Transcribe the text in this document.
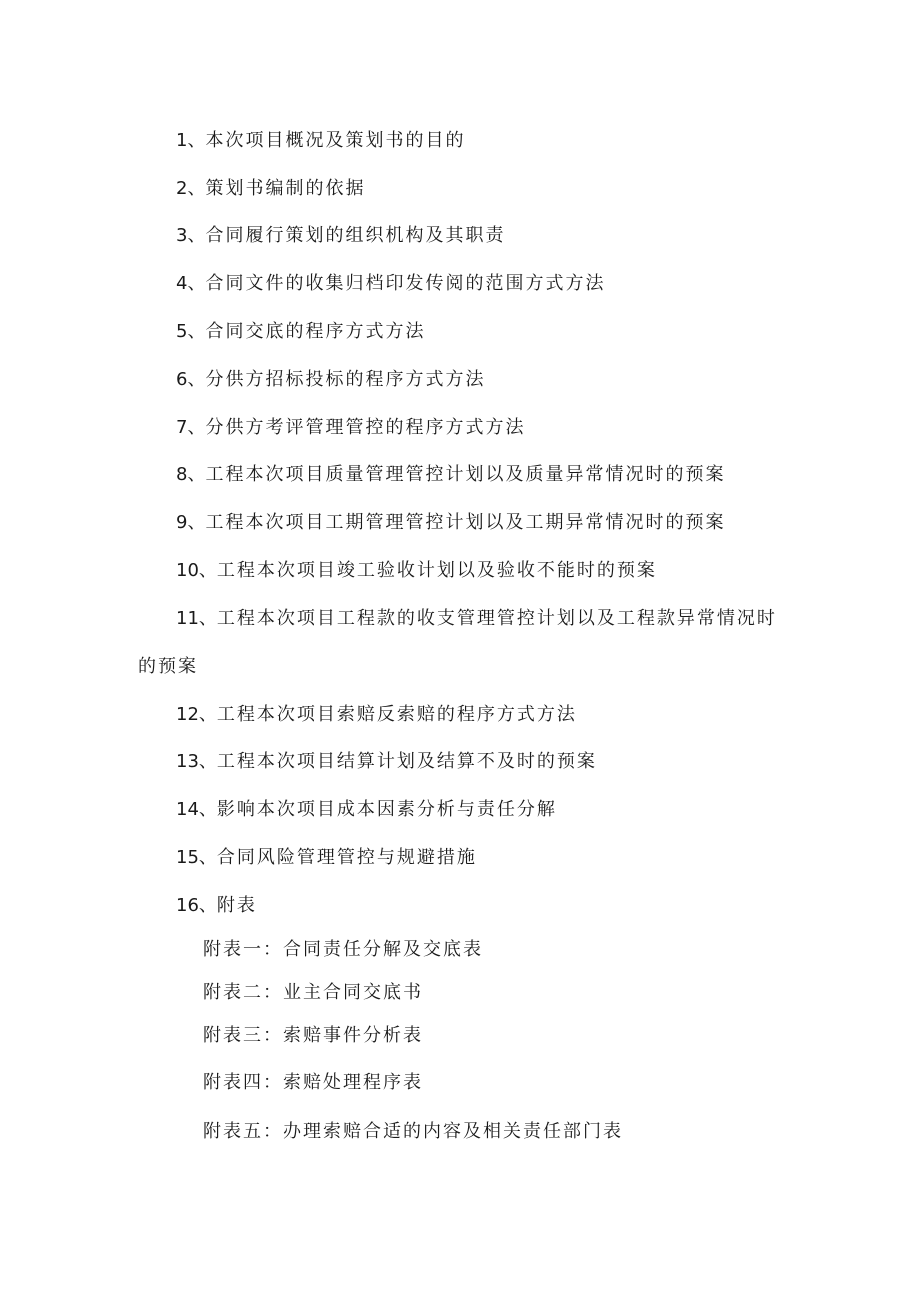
1、本次项目概况及策划书的目的
2、策划书编制的依据
3、合同履行策划的组织机构及其职责
4、合同文件的收集归档印发传阅的范围方式方法
5、合同交底的程序方式方法
6、分供方招标投标的程序方式方法
7、分供方考评管理管控的程序方式方法
8、工程本次项目质量管理管控计划以及质量异常情况时的预案
9、工程本次项目工期管理管控计划以及工期异常情况时的预案
10、工程本次项目竣工验收计划以及验收不能时的预案
11、工程本次项目工程款的收支管理管控计划以及工程款异常情况时
的预案
12、工程本次项目索赔反索赔的程序方式方法
13、工程本次项目结算计划及结算不及时的预案
14、影响本次项目成本因素分析与责任分解
15、合同风险管理管控与规避措施
16、附表
附表一：合同责任分解及交底表
附表二：业主合同交底书
附表三：索赔事件分析表
附表四：索赔处理程序表
附表五：办理索赔合适的内容及相关责任部门表
